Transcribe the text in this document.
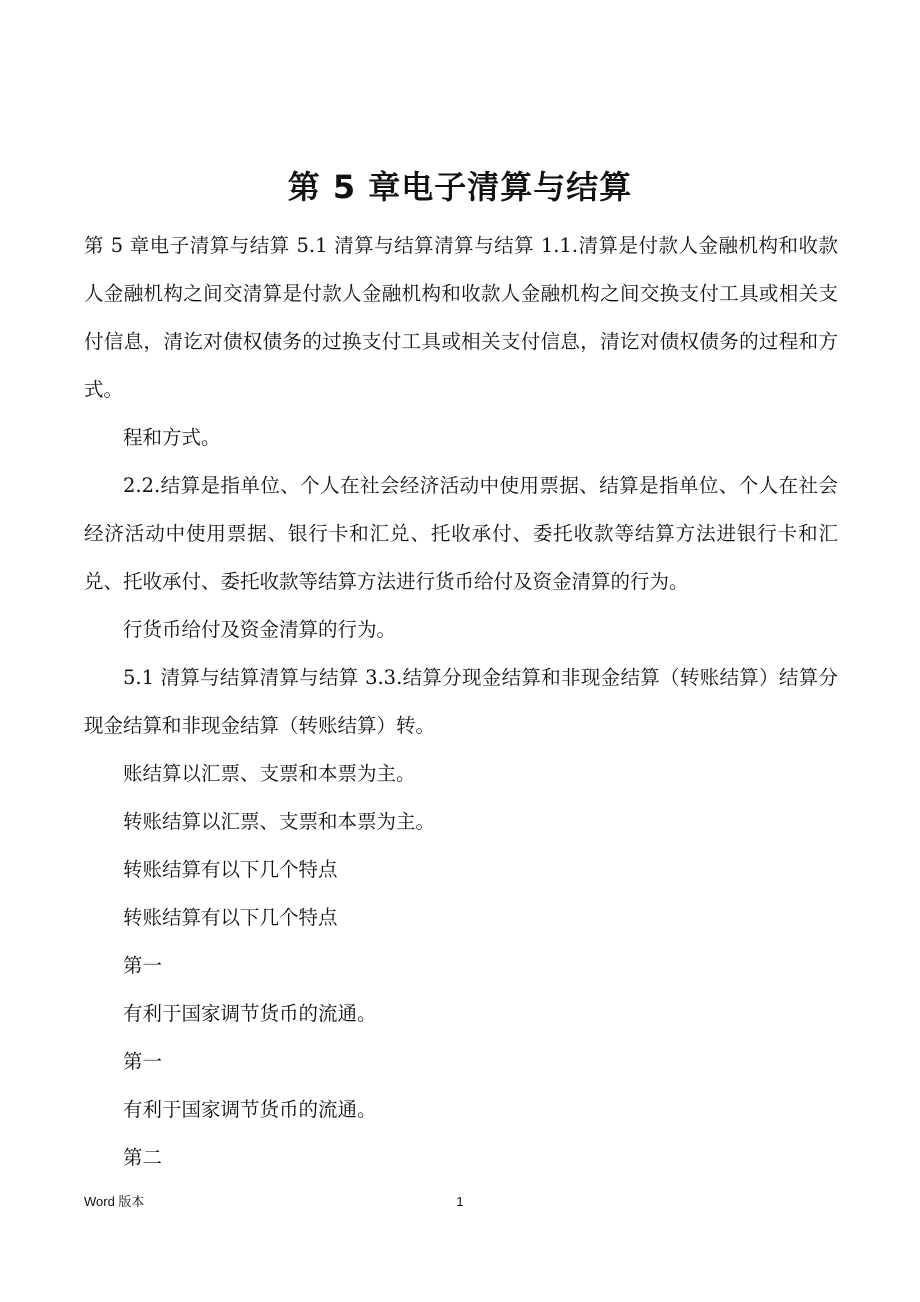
第 5 章电子清算与结算

第 5 章电子清算与结算 5.1 清算与结算清算与结算 1.1.清算是付款人金融机构和收款人金融机构之间交清算是付款人金融机构和收款人金融机构之间交换支付工具或相关支付信息，清讫对债权债务的过换支付工具或相关支付信息，清讫对债权债务的过程和方式。

程和方式。

2.2.结算是指单位、个人在社会经济活动中使用票据、结算是指单位、个人在社会经济活动中使用票据、银行卡和汇兑、托收承付、委托收款等结算方法进银行卡和汇兑、托收承付、委托收款等结算方法进行货币给付及资金清算的行为。

行货币给付及资金清算的行为。

5.1 清算与结算清算与结算 3.3.结算分现金结算和非现金结算（转账结算）结算分现金结算和非现金结算（转账结算）转。

账结算以汇票、支票和本票为主。

转账结算以汇票、支票和本票为主。

转账结算有以下几个特点

转账结算有以下几个特点

第一

有利于国家调节货币的流通。

第一

有利于国家调节货币的流通。

第二

Word 版本	1
